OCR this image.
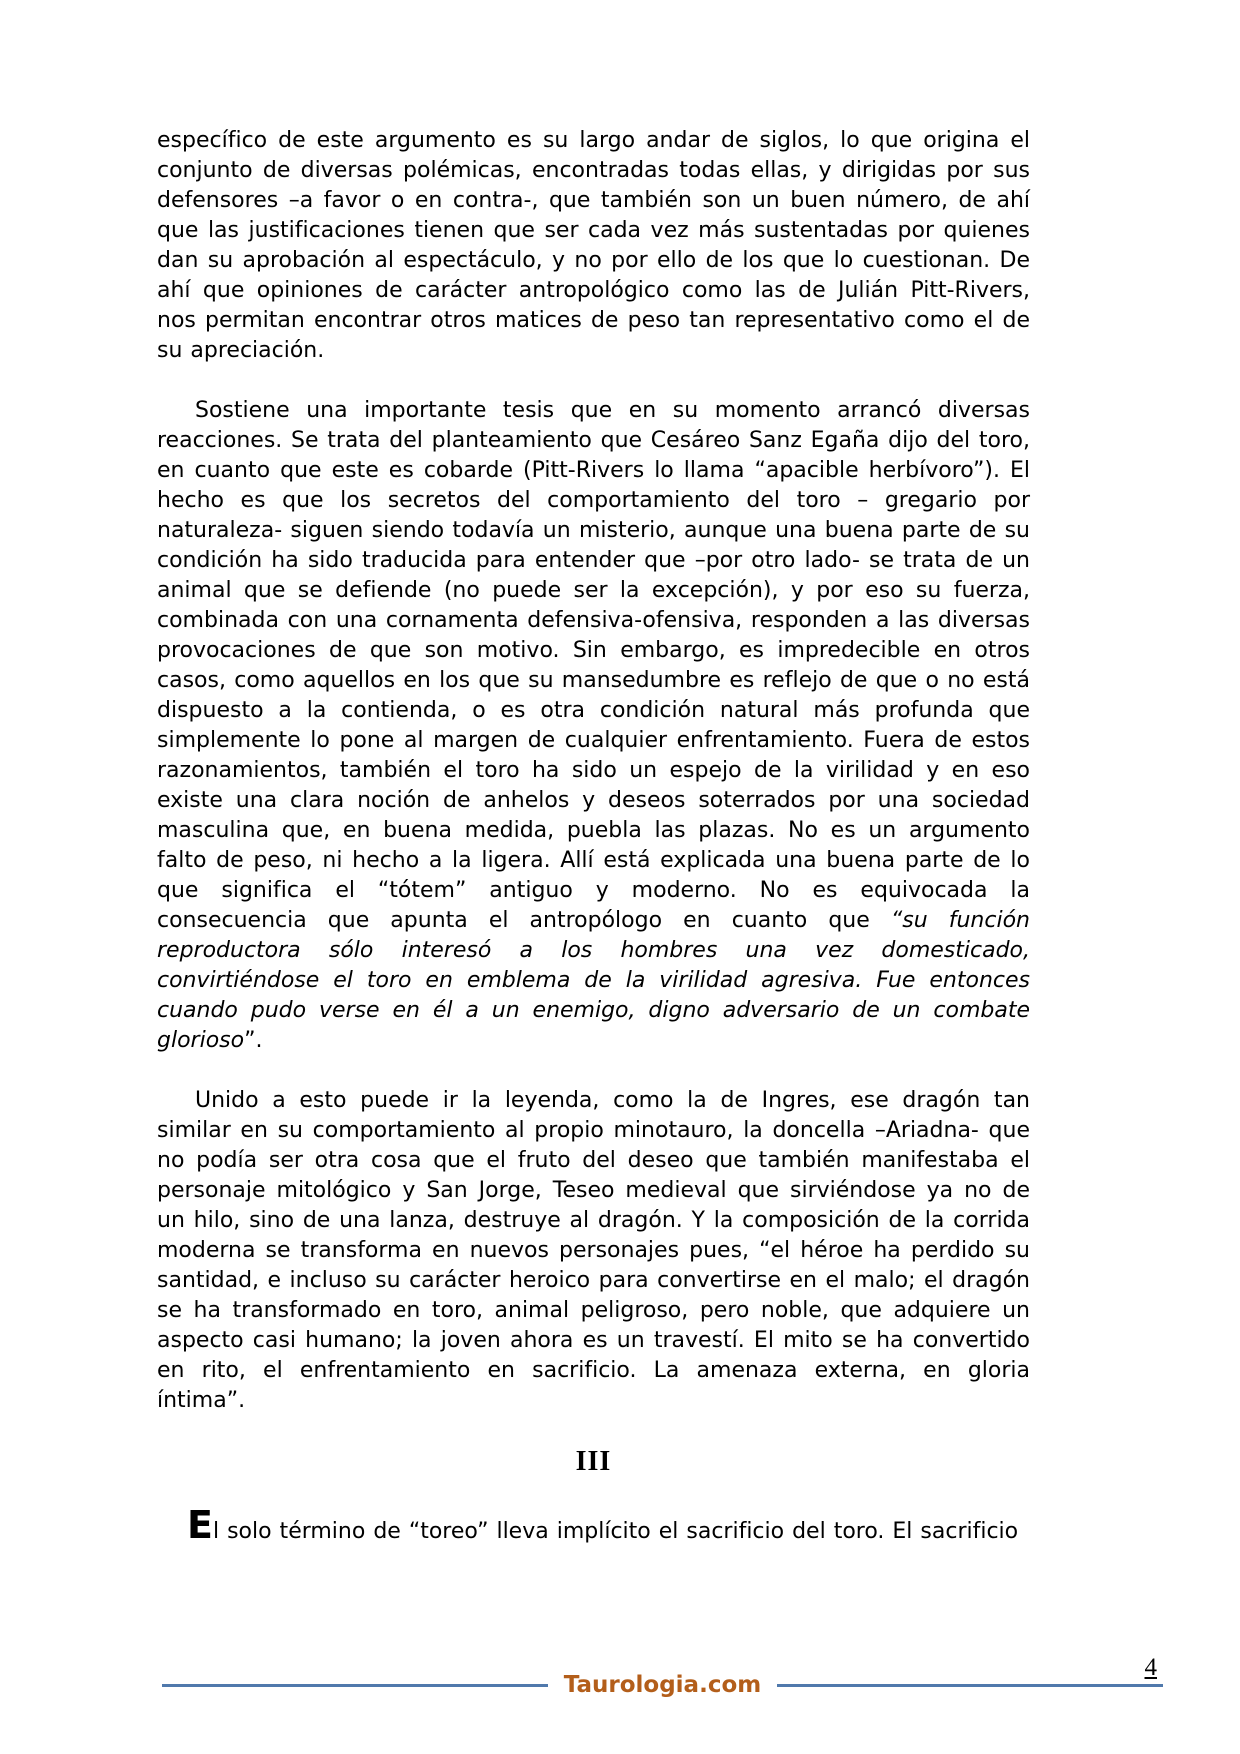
específico de este argumento es su largo andar de siglos, lo que origina el conjunto de diversas polémicas, encontradas todas ellas, y dirigidas por sus defensores –a favor o en contra-, que también son un buen número, de ahí que las justificaciones tienen que ser cada vez más sustentadas por quienes dan su aprobación al espectáculo, y no por ello de los que lo cuestionan. De ahí que opiniones de carácter antropológico como las de Julián Pitt-Rivers, nos permitan encontrar otros matices de peso tan representativo como el de su apreciación.

Sostiene una importante tesis que en su momento arrancó diversas reacciones. Se trata del planteamiento que Cesáreo Sanz Egaña dijo del toro, en cuanto que este es cobarde (Pitt-Rivers lo llama “apacible herbívoro”). El hecho es que los secretos del comportamiento del toro – gregario por naturaleza- siguen siendo todavía un misterio, aunque una buena parte de su condición ha sido traducida para entender que –por otro lado- se trata de un animal que se defiende (no puede ser la excepción), y por eso su fuerza, combinada con una cornamenta defensiva-ofensiva, responden a las diversas provocaciones de que son motivo. Sin embargo, es impredecible en otros casos, como aquellos en los que su mansedumbre es reflejo de que o no está dispuesto a la contienda, o es otra condición natural más profunda que simplemente lo pone al margen de cualquier enfrentamiento. Fuera de estos razonamientos, también el toro ha sido un espejo de la virilidad y en eso existe una clara noción de anhelos y deseos soterrados por una sociedad masculina que, en buena medida, puebla las plazas. No es un argumento falto de peso, ni hecho a la ligera. Allí está explicada una buena parte de lo que significa el “tótem” antiguo y moderno. No es equivocada la consecuencia que apunta el antropólogo en cuanto que “su función reproductora sólo interesó a los hombres una vez domesticado, convirtiéndose el toro en emblema de la virilidad agresiva. Fue entonces cuando pudo verse en él a un enemigo, digno adversario de un combate glorioso”.

Unido a esto puede ir la leyenda, como la de Ingres, ese dragón tan similar en su comportamiento al propio minotauro, la doncella –Ariadna- que no podía ser otra cosa que el fruto del deseo que también manifestaba el personaje mitológico y San Jorge, Teseo medieval que sirviéndose ya no de un hilo, sino de una lanza, destruye al dragón. Y la composición de la corrida moderna se transforma en nuevos personajes pues, “el héroe ha perdido su santidad, e incluso su carácter heroico para convertirse en el malo; el dragón se ha transformado en toro, animal peligroso, pero noble, que adquiere un aspecto casi humano; la joven ahora es un travestí. El mito se ha convertido en rito, el enfrentamiento en sacrificio. La amenaza externa, en gloria íntima”.

III

El solo término de “toreo” lleva implícito el sacrificio del toro. El sacrificio

4
Taurologia.com
